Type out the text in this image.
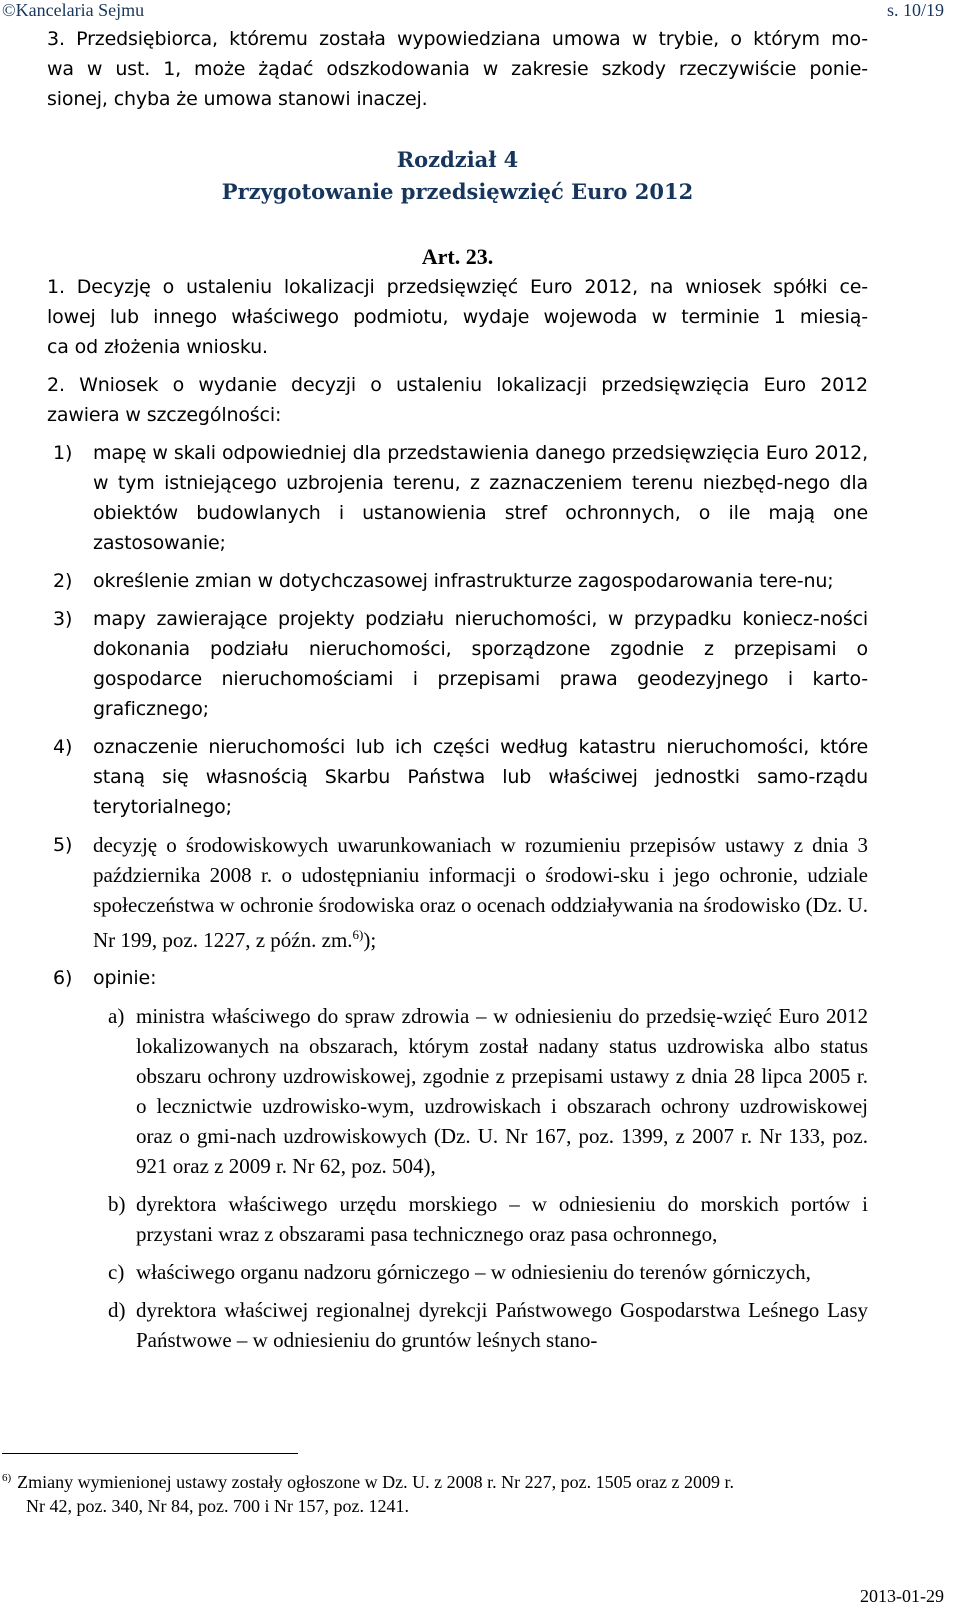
©Kancelaria Sejmu	s. 10/19

3. Przedsiębiorca, któremu została wypowiedziana umowa w trybie, o którym mo-

wa w ust. 1, może żądać odszkodowania w zakresie szkody rzeczywiście ponie-

sionej, chyba że umowa stanowi inaczej.

Rozdział 4
Przygotowanie przedsięwzięć Euro 2012
Art. 23.

1. Decyzję o ustaleniu lokalizacji przedsięwzięć Euro 2012, na wniosek spółki ce-

lowej lub innego właściwego podmiotu, wydaje wojewoda w terminie 1 miesią-

ca od złożenia wniosku.

2. Wniosek o wydanie decyzji o ustaleniu lokalizacji przedsięwzięcia Euro 2012

zawiera w szczególności:

1)	mapę w skali odpowiedniej dla przedstawienia danego przedsięwzięcia Euro 2012, w tym istniejącego uzbrojenia terenu, z zaznaczeniem terenu niezbęd-nego dla obiektów budowlanych i ustanowienia stref ochronnych, o ile mają one zastosowanie;
2)	określenie zmian w dotychczasowej infrastrukturze zagospodarowania tere-nu;
3)	mapy zawierające projekty podziału nieruchomości, w przypadku koniecz-ności dokonania podziału nieruchomości, sporządzone zgodnie z przepisami o gospodarce nieruchomościami i przepisami prawa geodezyjnego i karto-graficznego;
4)	oznaczenie nieruchomości lub ich części według katastru nieruchomości, które staną się własnością Skarbu Państwa lub właściwej jednostki samo-rządu terytorialnego;
5) decyzję o środowiskowych uwarunkowaniach w rozumieniu przepisów ustawy z dnia 3 października 2008 r. o udostępnianiu informacji o środowi-sku i jego ochronie, udziale społeczeństwa w ochronie środowiska oraz o ocenach oddziaływania na środowisko (Dz. U. Nr 199, poz. 1227, z późn. zm.$^{6)}$);
6)	opinie:
a) ministra właściwego do spraw zdrowia – w odniesieniu do przedsię-wzięć Euro 2012 lokalizowanych na obszarach, którym został nadany status uzdrowiska albo status obszaru ochrony uzdrowiskowej, zgodnie z przepisami ustawy z dnia 28 lipca 2005 r. o lecznictwie uzdrowisko-wym, uzdrowiskach i obszarach ochrony uzdrowiskowej oraz o gmi-nach uzdrowiskowych (Dz. U. Nr 167, poz. 1399, z 2007 r. Nr 133, poz. 921 oraz z 2009 r. Nr 62, poz. 504),
b) dyrektora właściwego urzędu morskiego – w odniesieniu do morskich portów i przystani wraz z obszarami pasa technicznego oraz pasa ochronnego,
c) właściwego organu nadzoru górniczego – w odniesieniu do terenów górniczych,
d) dyrektora właściwej regionalnej dyrekcji Państwowego Gospodarstwa Leśnego Lasy Państwowe – w odniesieniu do gruntów leśnych stano-
$^{6)}$ Zmiany wymienionej ustawy zostały ogłoszone w Dz. U. z 2008 r. Nr 227, poz. 1505 oraz z 2009 r.
Nr 42, poz. 340, Nr 84, poz. 700 i Nr 157, poz. 1241.
2013-01-29
